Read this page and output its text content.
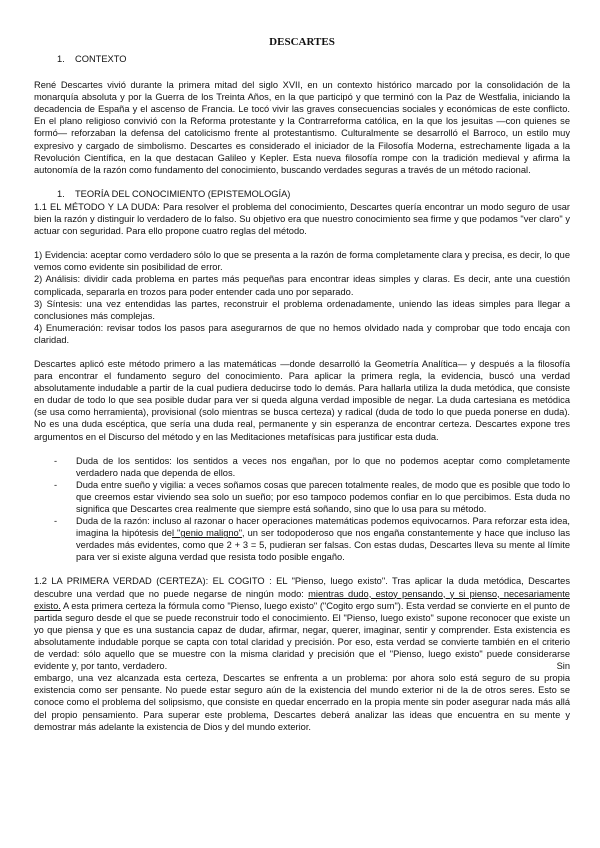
DESCARTES
1. CONTEXTO

René Descartes vivió durante la primera mitad del siglo XVII, en un contexto histórico marcado por la consolidación de la monarquía absoluta y por la Guerra de los Treinta Años, en la que participó y que terminó con la Paz de Westfalia, iniciando la decadencia de España y el ascenso de Francia. Le tocó vivir las graves consecuencias sociales y económicas de este conflicto. En el plano religioso convivió con la Reforma protestante y la Contrarreforma católica, en la que los jesuitas —con quienes se formó— reforzaban la defensa del catolicismo frente al protestantismo. Culturalmente se desarrolló el Barroco, un estilo muy expresivo y cargado de simbolismo. Descartes es considerado el iniciador de la Filosofía Moderna, estrechamente ligada a la Revolución Científica, en la que destacan Galileo y Kepler. Esta nueva filosofía rompe con la tradición medieval y afirma la autonomía de la razón como fundamento del conocimiento, buscando verdades seguras a través de un método racional.

1. TEORÍA DEL CONOCIMIENTO (EPISTEMOLOGÍA)

1.1 EL MÉTODO Y LA DUDA: Para resolver el problema del conocimiento, Descartes quería encontrar un modo seguro de usar bien la razón y distinguir lo verdadero de lo falso. Su objetivo era que nuestro conocimiento sea firme y que podamos "ver claro" y actuar con seguridad. Para ello propone cuatro reglas del método.

1) Evidencia: aceptar como verdadero sólo lo que se presenta a la razón de forma completamente clara y precisa, es decir, lo que vemos como evidente sin posibilidad de error.

2) Análisis: dividir cada problema en partes más pequeñas para encontrar ideas simples y claras. Es decir, ante una cuestión complicada, separarla en trozos para poder entender cada uno por separado.

3) Síntesis: una vez entendidas las partes, reconstruir el problema ordenadamente, uniendo las ideas simples para llegar a conclusiones más complejas.

4) Enumeración: revisar todos los pasos para asegurarnos de que no hemos olvidado nada y comprobar que todo encaja con claridad.

Descartes aplicó este método primero a las matemáticas —donde desarrolló la Geometría Analítica— y después a la filosofía para encontrar el fundamento seguro del conocimiento. Para aplicar la primera regla, la evidencia, buscó una verdad absolutamente indudable a partir de la cual pudiera deducirse todo lo demás. Para hallarla utiliza la duda metódica, que consiste en dudar de todo lo que sea posible dudar para ver si queda alguna verdad imposible de negar. La duda cartesiana es metódica (se usa como herramienta), provisional (solo mientras se busca certeza) y radical (duda de todo lo que pueda ponerse en duda). No es una duda escéptica, que sería una duda real, permanente y sin esperanza de encontrar certeza. Descartes expone tres argumentos en el Discurso del método y en las Meditaciones metafísicas para justificar esta duda.

- Duda de los sentidos: los sentidos a veces nos engañan, por lo que no podemos aceptar como completamente verdadero nada que dependa de ellos.
- Duda entre sueño y vigilia: a veces soñamos cosas que parecen totalmente reales, de modo que es posible que todo lo que creemos estar viviendo sea solo un sueño; por eso tampoco podemos confiar en lo que percibimos. Esta duda no significa que Descartes crea realmente que siempre está soñando, sino que lo usa para su método.
- Duda de la razón: incluso al razonar o hacer operaciones matemáticas podemos equivocarnos. Para reforzar esta idea, imagina la hipótesis del "genio maligno", un ser todopoderoso que nos engaña constantemente y hace que incluso las verdades más evidentes, como que 2 + 3 = 5, pudieran ser falsas. Con estas dudas, Descartes lleva su mente al límite para ver si existe alguna verdad que resista todo posible engaño.

1.2 LA PRIMERA VERDAD (CERTEZA): EL COGITO : EL "Pienso, luego existo". Tras aplicar la duda metódica, Descartes descubre una verdad que no puede negarse de ningún modo: mientras dudo, estoy pensando, y si pienso, necesariamente existo. A esta primera certeza la fórmula como "Pienso, luego existo" ("Cogito ergo sum"). Esta verdad se convierte en el punto de partida seguro desde el que se puede reconstruir todo el conocimiento. El "Pienso, luego existo" supone reconocer que existe un yo que piensa y que es una sustancia capaz de dudar, afirmar, negar, querer, imaginar, sentir y comprender. Esta existencia es absolutamente indudable porque se capta con total claridad y precisión. Por eso, esta verdad se convierte también en el criterio de verdad: sólo aquello que se muestre con la misma claridad y precisión que el "Pienso, luego existo" puede considerarse evidente y, por tanto, verdadero.	Sin

embargo, una vez alcanzada esta certeza, Descartes se enfrenta a un problema: por ahora solo está seguro de su propia existencia como ser pensante. No puede estar seguro aún de la existencia del mundo exterior ni de la de otros seres. Esto se conoce como el problema del solipsismo, que consiste en quedar encerrado en la propia mente sin poder asegurar nada más allá del propio pensamiento. Para superar este problema, Descartes deberá analizar las ideas que encuentra en su mente y demostrar más adelante la existencia de Dios y del mundo exterior.
